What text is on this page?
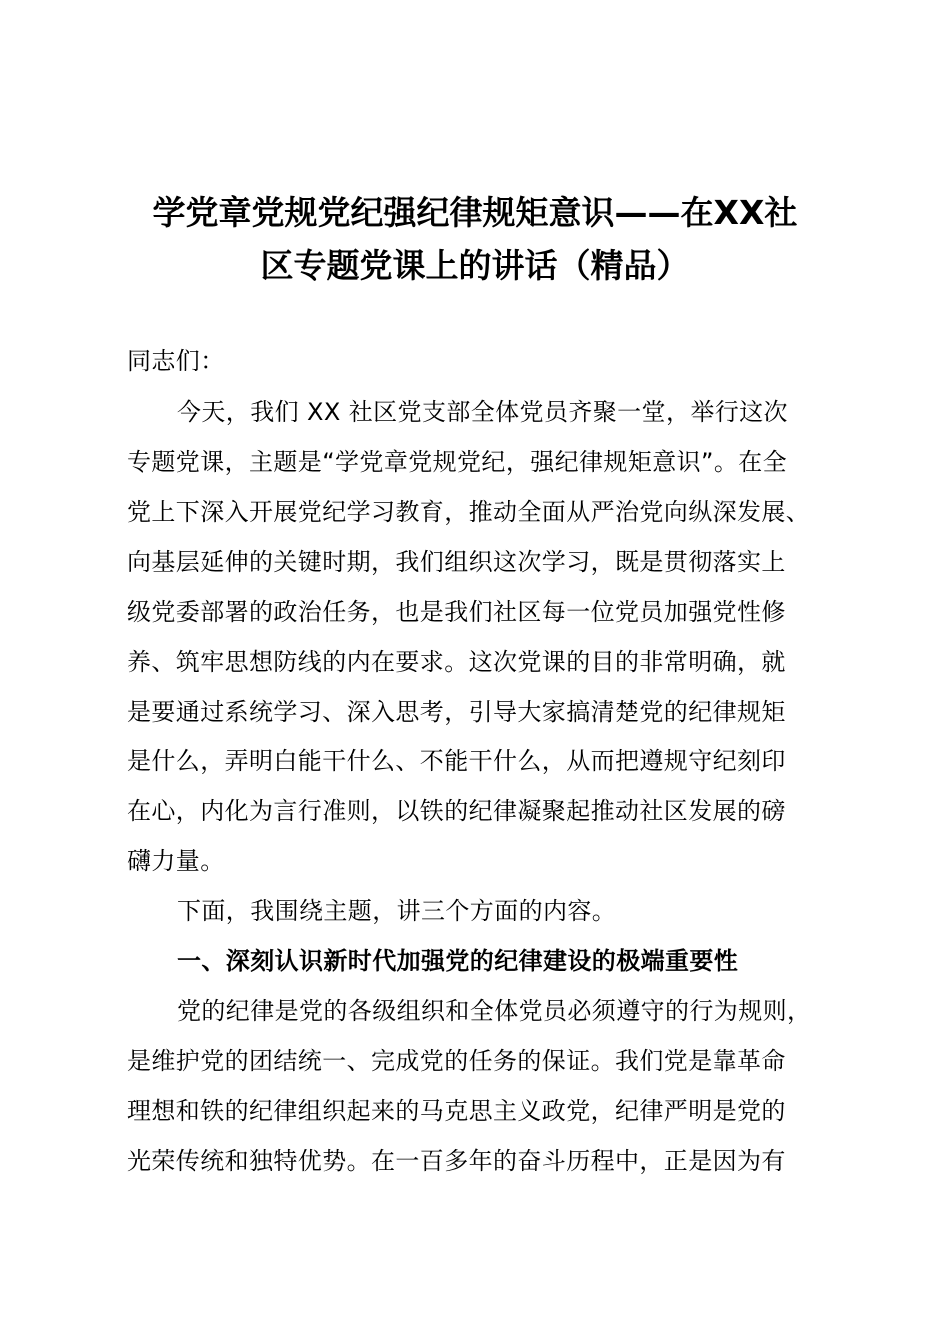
学党章党规党纪强纪律规矩意识——在XX社
区专题党课上的讲话（精品）
同志们：
今天，我们 XX 社区党支部全体党员齐聚一堂，举行这次
专题党课，主题是“学党章党规党纪，强纪律规矩意识”。在全
党上下深入开展党纪学习教育，推动全面从严治党向纵深发展、
向基层延伸的关键时期，我们组织这次学习，既是贯彻落实上
级党委部署的政治任务，也是我们社区每一位党员加强党性修
养、筑牢思想防线的内在要求。这次党课的目的非常明确，就
是要通过系统学习、深入思考，引导大家搞清楚党的纪律规矩
是什么，弄明白能干什么、不能干什么，从而把遵规守纪刻印
在心，内化为言行准则，以铁的纪律凝聚起推动社区发展的磅
礴力量。
下面，我围绕主题，讲三个方面的内容。
一、深刻认识新时代加强党的纪律建设的极端重要性
党的纪律是党的各级组织和全体党员必须遵守的行为规则，
是维护党的团结统一、完成党的任务的保证。我们党是靠革命
理想和铁的纪律组织起来的马克思主义政党，纪律严明是党的
光荣传统和独特优势。在一百多年的奋斗历程中，正是因为有
